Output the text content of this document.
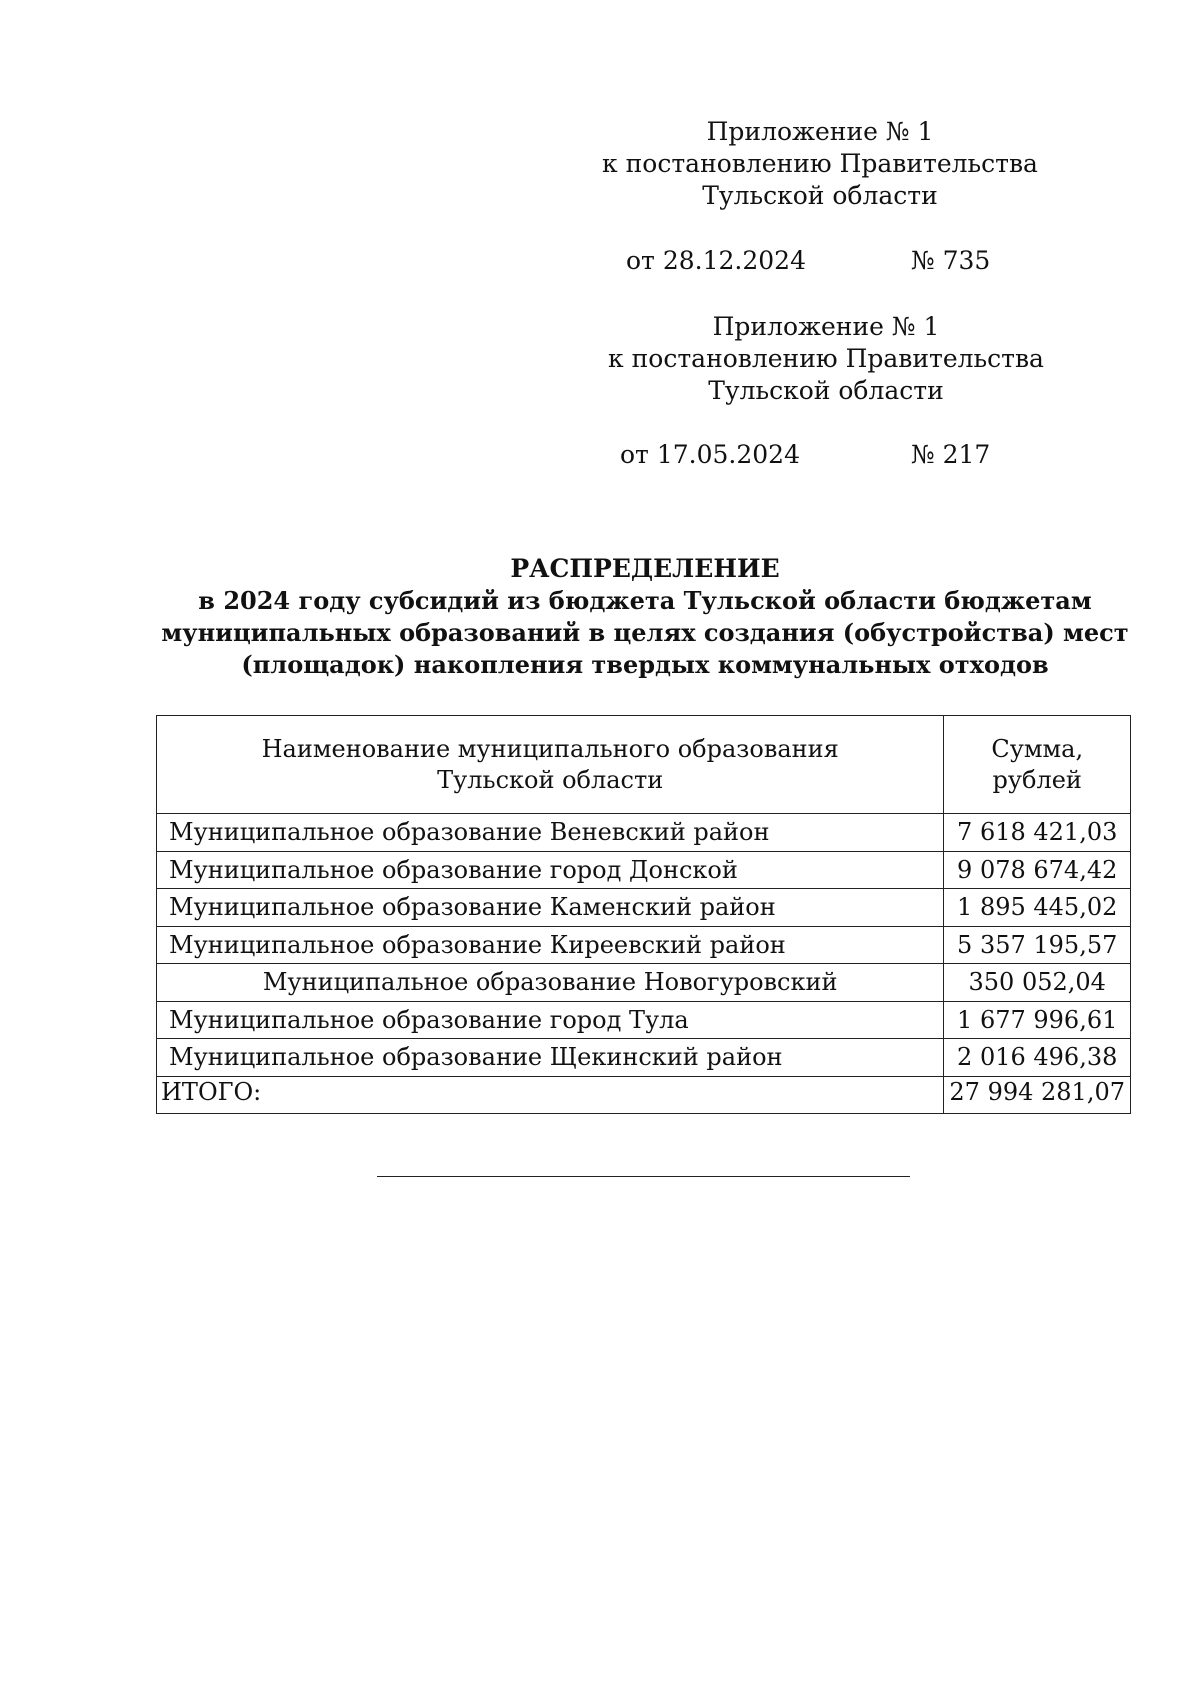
Приложение № 1
к постановлению Правительства
Тульской области
от 28.12.2024	№ 735
Приложение № 1
к постановлению Правительства
Тульской области
от 17.05.2024	№ 217
РАСПРЕДЕЛЕНИЕ
в 2024 году субсидий из бюджета Тульской области бюджетам
муниципальных образований в целях создания (обустройства) мест
(площадок) накопления твердых коммунальных отходов
Наименование муниципального образования
Тульской области	Сумма, рублей
Муниципальное образование Веневский район	7 618 421,03
Муниципальное образование город Донской	9 078 674,42
Муниципальное образование Каменский район	1 895 445,02
Муниципальное образование Киреевский район	5 357 195,57
Муниципальное образование Новогуровский	350 052,04
Муниципальное образование город Тула	1 677 996,61
Муниципальное образование Щекинский район	2 016 496,38
ИТОГО:	27 994 281,07
